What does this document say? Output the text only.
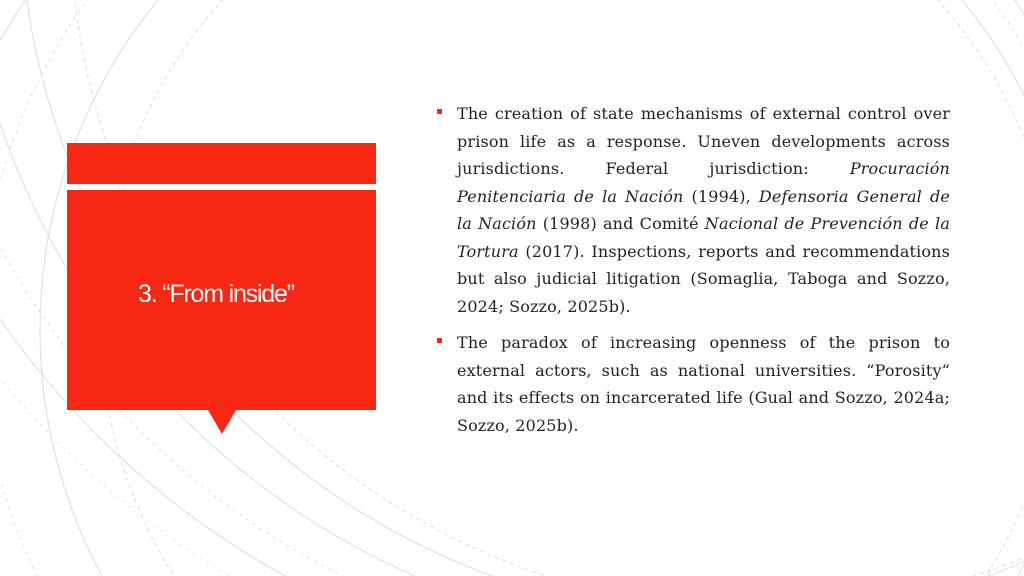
3. “From inside”
The creation of state mechanisms of external control over prison life as a response. Uneven developments across jurisdictions. Federal jurisdiction: Procuración Penitenciaria de la Nación (1994), Defensoria General de la Nación (1998) and Comité Nacional de Prevención de la Tortura (2017). Inspections, reports and recommendations but also judicial litigation (Somaglia, Taboga and Sozzo, 2024; Sozzo, 2025b).
The paradox of increasing openness of the prison to external actors, such as national universities. “Porosity“ and its effects on incarcerated life (Gual and Sozzo, 2024a; Sozzo, 2025b).
